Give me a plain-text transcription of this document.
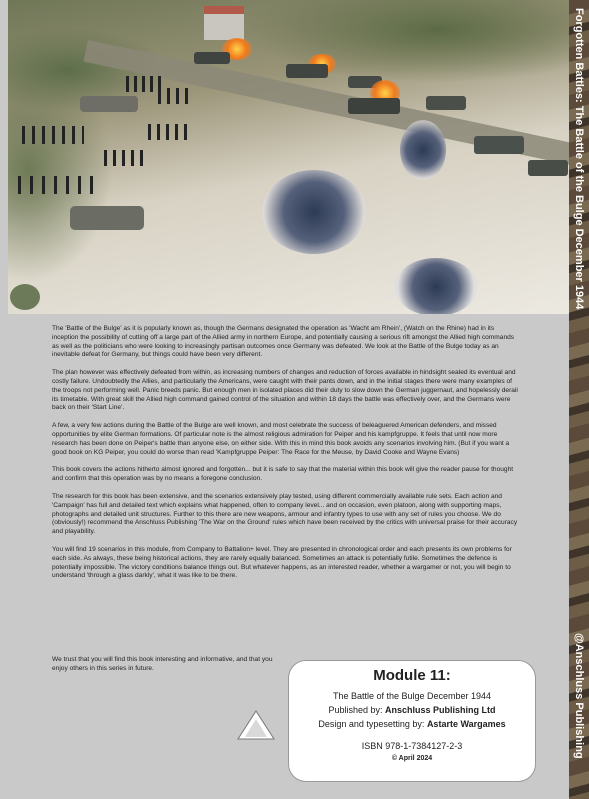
Forgotten Battles: The Battle of the Bulge December 1944
@Anschluss Publishing

The 'Battle of the Bulge' as it is popularly known as, though the Germans designated the operation as 'Wacht am Rhein', (Watch on the Rhine) had in its inception the possibility of cutting off a large part of the Allied army in northern Europe, and potentially causing a serious rift amongst the Allied high commands as well as the politicians who were looking to increasingly partisan outcomes once Germany was defeated. We look at the Battle of the Bulge today as an inevitable defeat for Germany, but things could have been very different.

The plan however was effectively defeated from within, as increasing numbers of changes and reduction of forces available in hindsight sealed its eventual and costly failure. Undoubtedly the Allies, and particularly the Americans, were caught with their pants down, and in the initial stages there were many examples of the troops not performing well. Panic breeds panic. But enough men in isolated places did their duty to slow down the German juggernaut, and hopelessly derail its timetable. With great skill the Allied high command gained control of the situation and within 18 days the battle was effectively over, and the Germans were back on their 'Start Line'.

A few, a very few actions during the Battle of the Bulge are well known, and most celebrate the success of beleaguered American defenders, and missed opportunities by elite German formations. Of particular note is the almost religious admiration for Peiper and his kampfgruppe. It feels that until now more research has been done on Peiper's battle than anyone else, on either side. With this in mind this book avoids any scenarios involving him. (But if you want a good book on KG Peiper, you could do worse than read 'Kampfgruppe Peiper: The Race for the Meuse, by David Cooke and Wayne Evans)

This book covers the actions hitherto almost ignored and forgotten... but it is safe to say that the material within this book will give the reader pause for thought and confirm that this operation was by no means a foregone conclusion.

The research for this book has been extensive, and the scenarios extensively play tested, using different commercially available rule sets. Each action and 'Campaign' has full and detailed text which explains what happened, often to company level... and on occasion, even platoon, along with supporting maps, photographs and detailed unit structures. Further to this there are new weapons, armour and infantry types to use with any set of rules you choose. We do (obviously!) recommend the Anschluss Publishing 'The War on the Ground' rules which have been received by the critics with universal praise for their accuracy and playability.

You will find 19 scenarios in this module, from Company to Battalion+ level. They are presented in chronological order and each presents its own problems for each side. As always, these being historical actions, they are rarely equally balanced. Sometimes an attack is potentially futile. Sometimes the defence is potentially impossible. The victory conditions balance things out. But whatever happens, as an interested reader, whether a wargamer or not, you will begin to understand 'through a glass darkly', what it was like to be there.

We trust that you will find this book interesting and informative, and that you enjoy others in this series in future.	Module 11:
The Battle of the Bulge December 1944
Published by: Anschluss Publishing Ltd
Design and typesetting by: Astarte Wargames
ISBN 978-1-7384127-2-3
© April 2024
